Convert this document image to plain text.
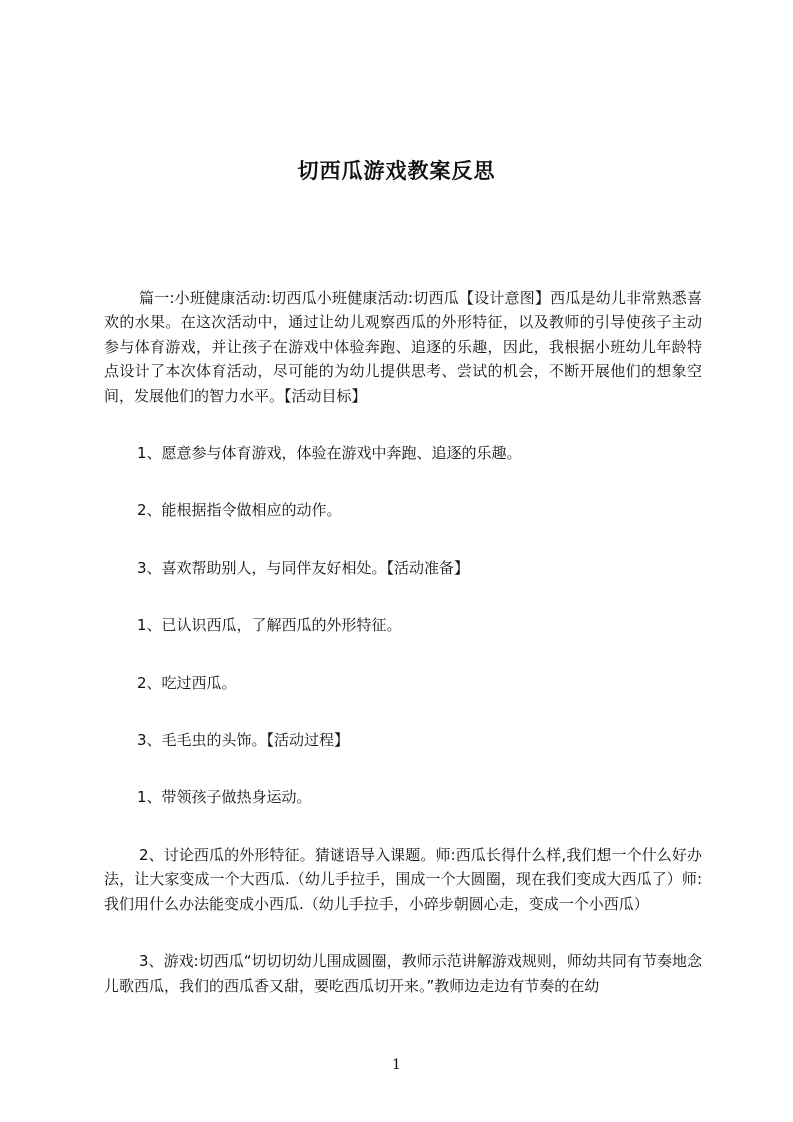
切西瓜游戏教案反思

篇一:小班健康活动:切西瓜小班健康活动:切西瓜【设计意图】西瓜是幼儿非常熟悉喜欢的水果。在这次活动中，通过让幼儿观察西瓜的外形特征，以及教师的引导使孩子主动参与体育游戏，并让孩子在游戏中体验奔跑、追逐的乐趣，因此，我根据小班幼儿年龄特点设计了本次体育活动，尽可能的为幼儿提供思考、尝试的机会，不断开展他们的想象空间，发展他们的智力水平。【活动目标】

1、愿意参与体育游戏，体验在游戏中奔跑、追逐的乐趣。

2、能根据指令做相应的动作。

3、喜欢帮助别人，与同伴友好相处。【活动准备】

1、已认识西瓜，了解西瓜的外形特征。

2、吃过西瓜。

3、毛毛虫的头饰。【活动过程】

1、带领孩子做热身运动。

2、讨论西瓜的外形特征。猜谜语导入课题。师:西瓜长得什么样,我们想一个什么好办法，让大家变成一个大西瓜.（幼儿手拉手，围成一个大圆圈，现在我们变成大西瓜了）师:我们用什么办法能变成小西瓜.（幼儿手拉手，小碎步朝圆心走，变成一个小西瓜）

3、游戏:切西瓜“切切切幼儿围成圆圈，教师示范讲解游戏规则，师幼共同有节奏地念儿歌西瓜，我们的西瓜香又甜，要吃西瓜切开来。”教师边走边有节奏的在幼

1
